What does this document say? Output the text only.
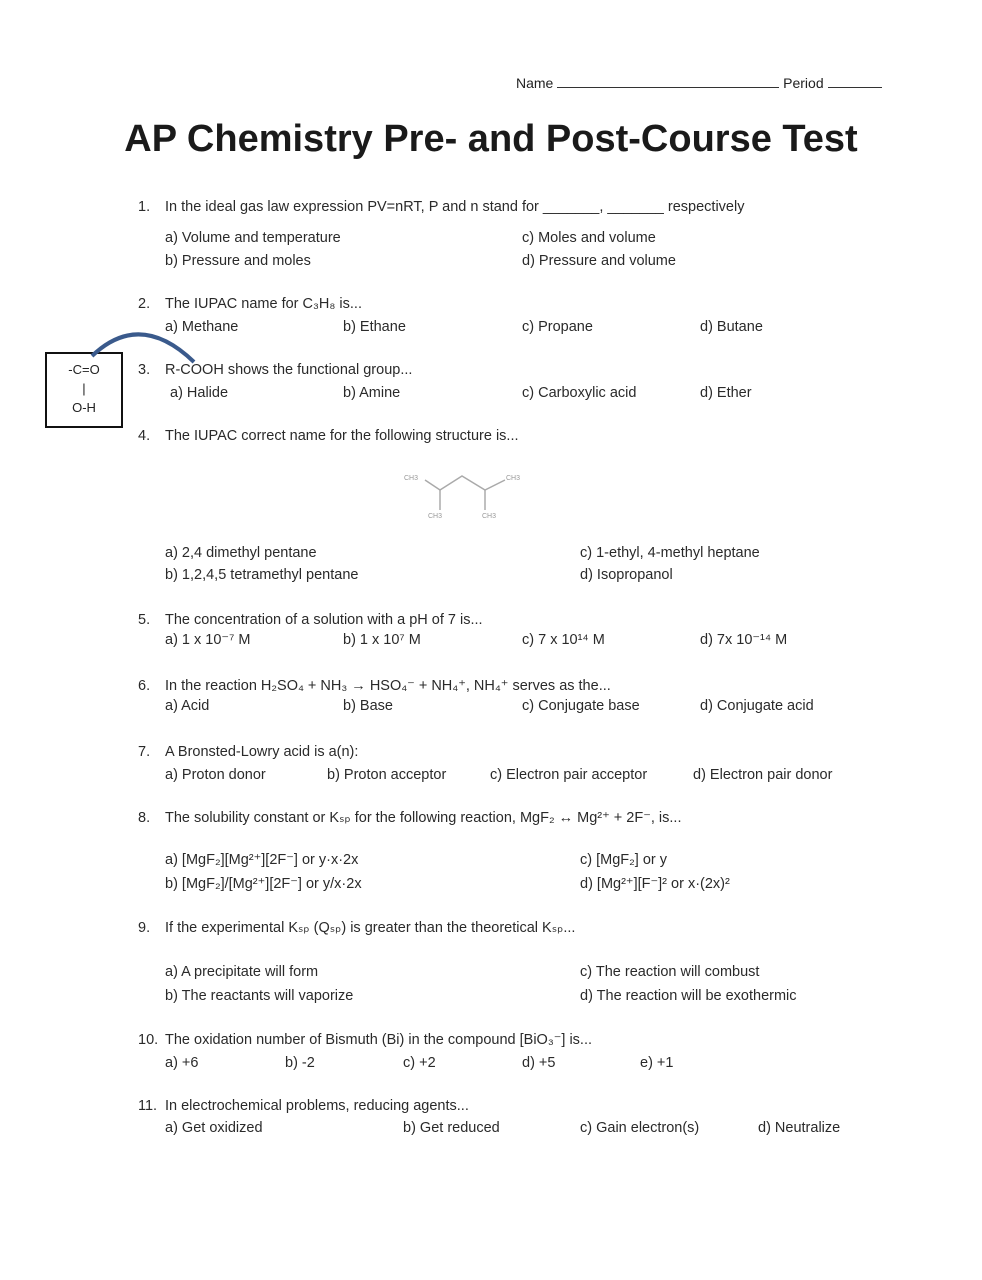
Name	Period
AP Chemistry Pre- and Post-Course Test
-C=O
|
O-H
CH3	CH3
CH3	CH3
1. In the ideal gas law expression PV=nRT, P and n stand for _______, _______ respectively
a) Volume and temperature
b) Pressure and moles
c) Moles and volume
d) Pressure and volume
2. The IUPAC name for C₃H₈ is...
a) Methane	b) Ethane	c) Propane	d) Butane
3. R-COOH shows the functional group...
a) Halide	b) Amine	c) Carboxylic acid	d) Ether
4. The IUPAC correct name for the following structure is...
a) 2,4 dimethyl pentane
b) 1,2,4,5 tetramethyl pentane
c) 1-ethyl, 4-methyl heptane
d) Isopropanol
5. The concentration of a solution with a pH of 7 is...
a) 1 x 10⁻⁷ M	b) 1 x 10⁷ M	c) 7 x 10¹⁴ M	d) 7x 10⁻¹⁴ M
6. In the reaction H₂SO₄ + NH₃ → HSO₄⁻ + NH₄⁺, NH₄⁺ serves as the...
a) Acid	b) Base	c) Conjugate base	d) Conjugate acid
7. A Bronsted-Lowry acid is a(n):
a) Proton donor	b) Proton acceptor	c) Electron pair acceptor	d) Electron pair donor
8. The solubility constant or Kₛₚ for the following reaction, MgF₂ ↔ Mg²⁺ + 2F⁻, is...
a) [MgF₂][Mg²⁺][2F⁻] or y·x·2x
b) [MgF₂]/[Mg²⁺][2F⁻] or y/x·2x
c) [MgF₂] or y
d) [Mg²⁺][F⁻]² or x·(2x)²
9. If the experimental Kₛₚ (Qₛₚ) is greater than the theoretical Kₛₚ...
a) A precipitate will form
b) The reactants will vaporize
c) The reaction will combust
d) The reaction will be exothermic
10. The oxidation number of Bismuth (Bi) in the compound [BiO₃⁻] is...
a) +6	b) -2	c) +2	d) +5	e) +1
11. In electrochemical problems, reducing agents...
a) Get oxidized	b) Get reduced	c) Gain electron(s)	d) Neutralize
